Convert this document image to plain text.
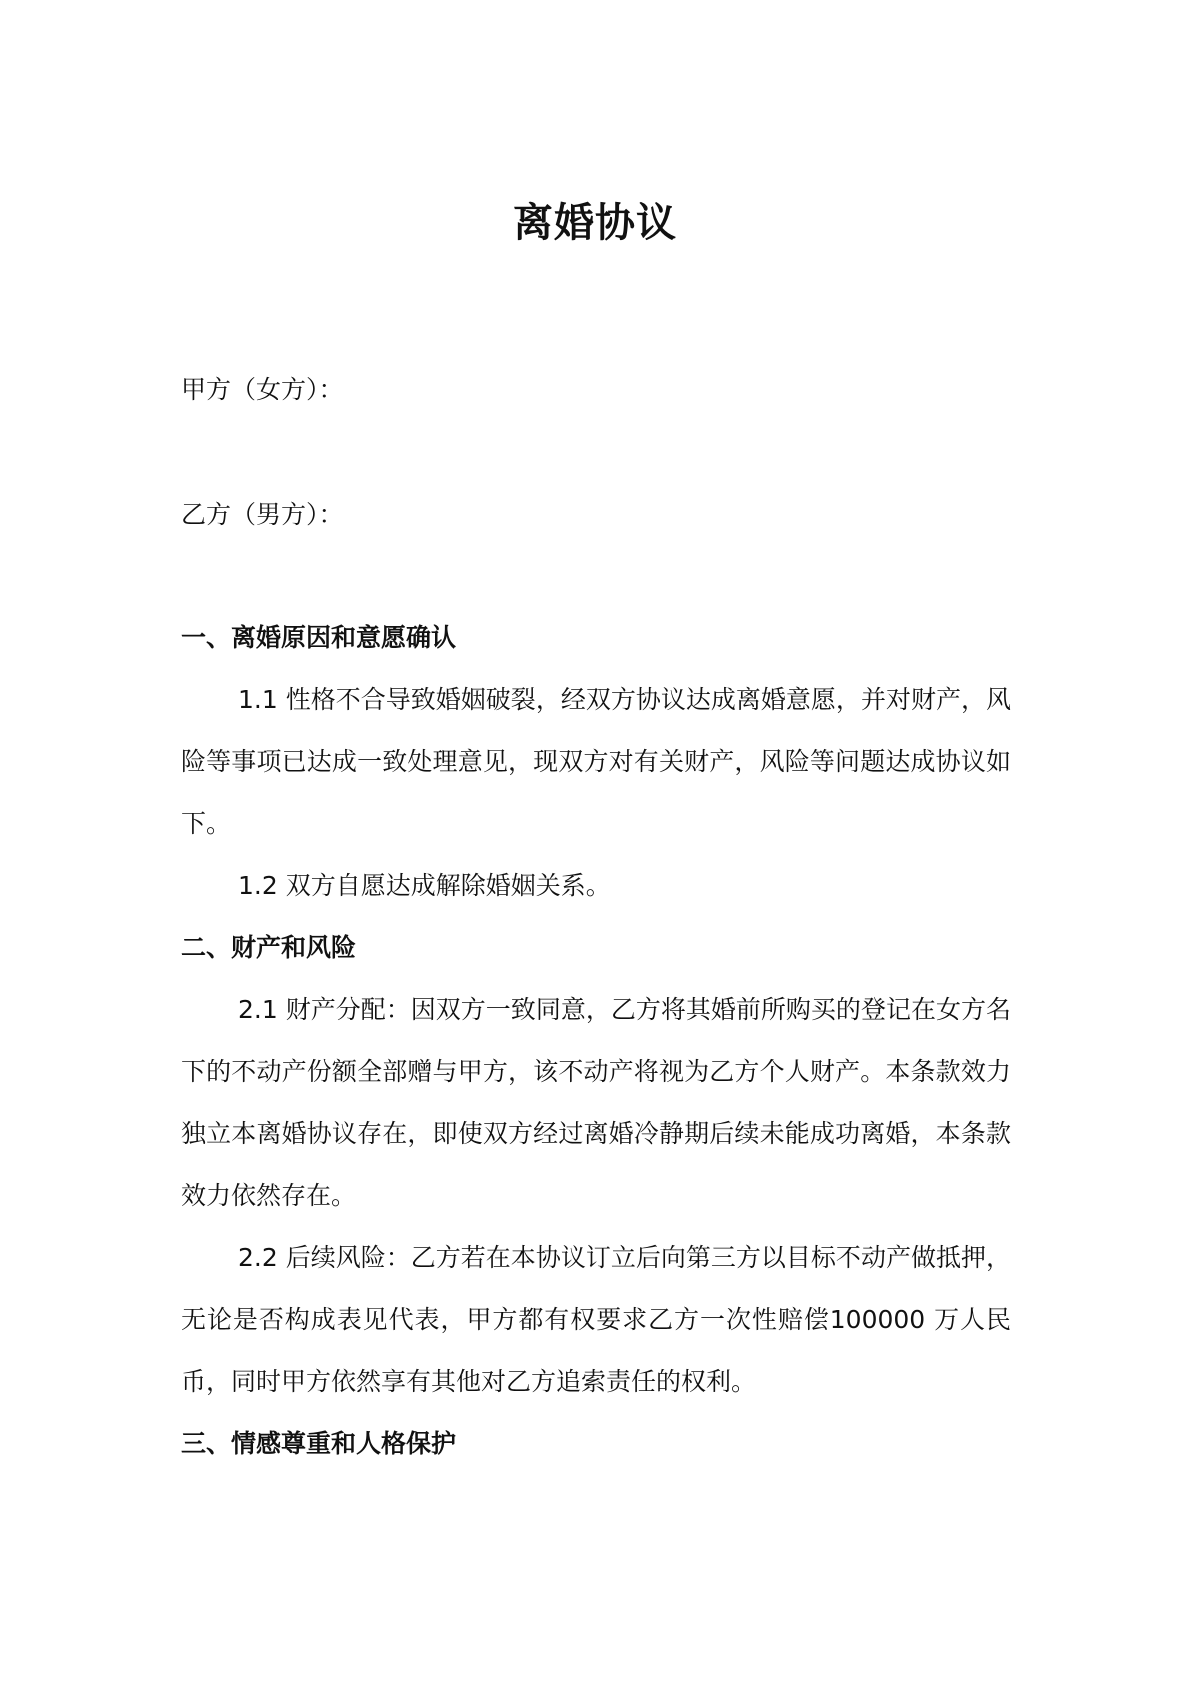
离婚协议
甲方（女方）：
乙方（男方）：
一、离婚原因和意愿确认

1.1 性格不合导致婚姻破裂，经双方协议达成离婚意愿，并对财产，风险等事项已达成一致处理意见，现双方对有关财产，风险等问题达成协议如下。

1.2 双方自愿达成解除婚姻关系。

二、财产和风险

2.1 财产分配：因双方一致同意，乙方将其婚前所购买的登记在女方名下的不动产份额全部赠与甲方，该不动产将视为乙方个人财产。本条款效力独立本离婚协议存在，即使双方经过离婚冷静期后续未能成功离婚，本条款效力依然存在。

2.2 后续风险：乙方若在本协议订立后向第三方以目标不动产做抵押，无论是否构成表见代表，甲方都有权要求乙方一次性赔偿100000 万人民币，同时甲方依然享有其他对乙方追索责任的权利。

三、情感尊重和人格保护
